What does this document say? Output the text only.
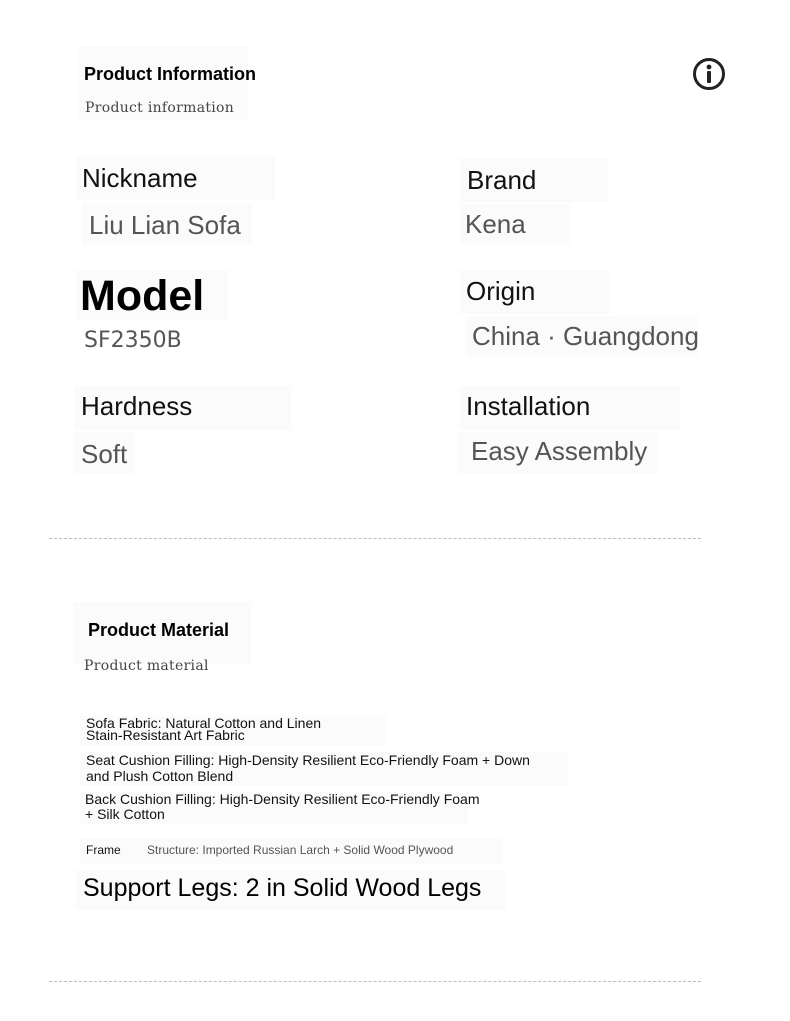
Product Information
Product information
Nickname
Liu Lian Sofa
Brand
Kena
Model
SF2350B
Origin
China · Guangdong
Hardness
Soft
Installation
Easy Assembly
Product Material
Product material
Sofa Fabric: Natural Cotton and Linen
Stain-Resistant Art Fabric
Seat Cushion Filling: High-Density Resilient Eco-Friendly Foam + Down
and Plush Cotton Blend
Back Cushion Filling: High-Density Resilient Eco-Friendly Foam
+ Silk Cotton
Frame Structure: Imported Russian Larch + Solid Wood Plywood
Support Legs: 2 in Solid Wood Legs
